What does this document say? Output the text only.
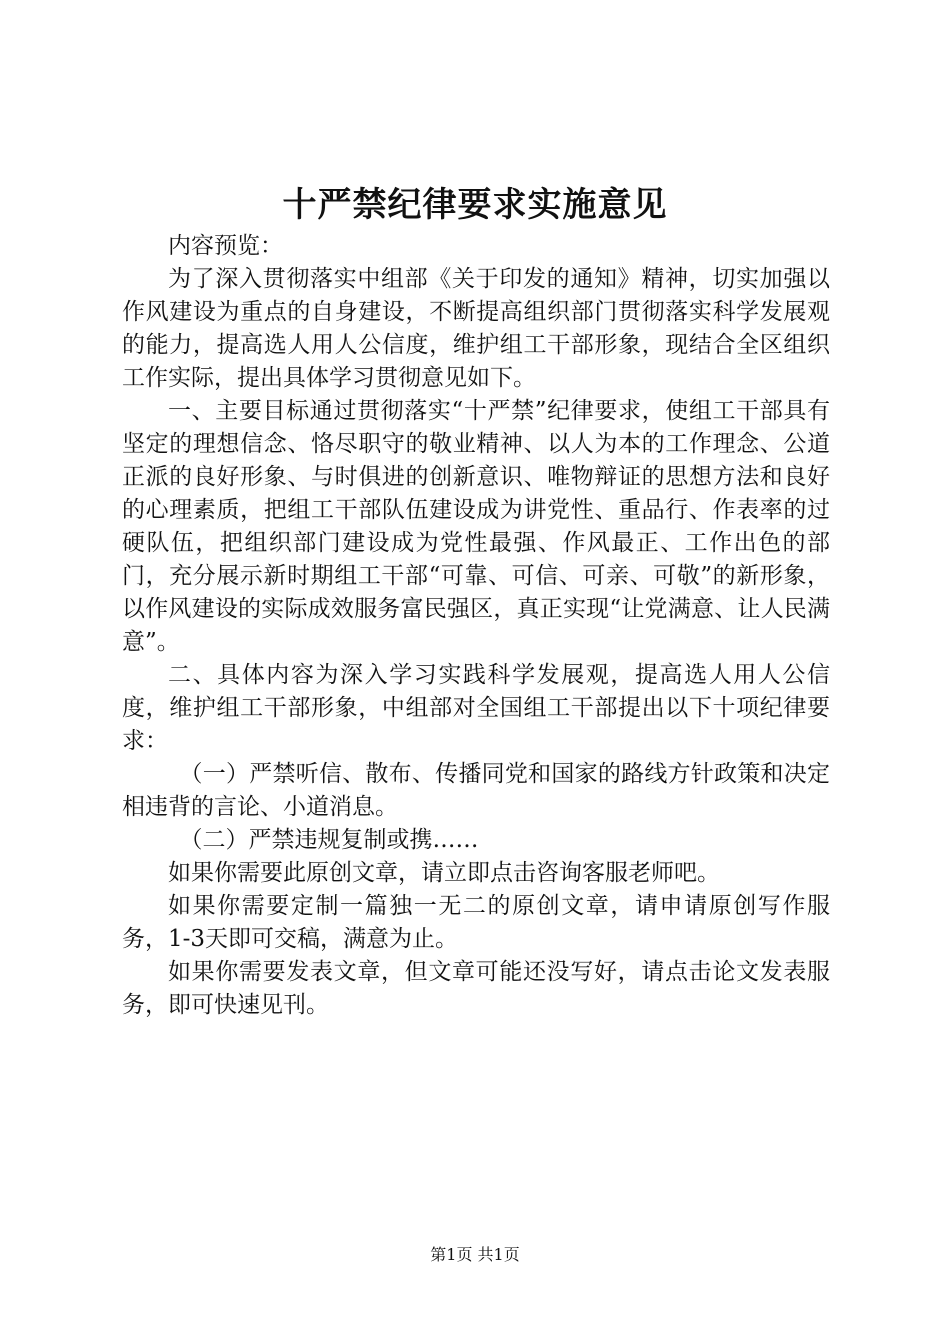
十严禁纪律要求实施意见

内容预览：

为了深入贯彻落实中组部《关于印发的通知》精神，切实加强以作风建设为重点的自身建设，不断提高组织部门贯彻落实科学发展观的能力，提高选人用人公信度，维护组工干部形象，现结合全区组织工作实际，提出具体学习贯彻意见如下。

一、主要目标通过贯彻落实“十严禁”纪律要求，使组工干部具有坚定的理想信念、恪尽职守的敬业精神、以人为本的工作理念、公道正派的良好形象、与时俱进的创新意识、唯物辩证的思想方法和良好的心理素质，把组工干部队伍建设成为讲党性、重品行、作表率的过硬队伍，把组织部门建设成为党性最强、作风最正、工作出色的部门，充分展示新时期组工干部“可靠、可信、可亲、可敬”的新形象，以作风建设的实际成效服务富民强区，真正实现“让党满意、让人民满意”。

二、具体内容为深入学习实践科学发展观，提高选人用人公信度，维护组工干部形象，中组部对全国组工干部提出以下十项纪律要求：

（一）严禁听信、散布、传播同党和国家的路线方针政策和决定相违背的言论、小道消息。

（二）严禁违规复制或携……

如果你需要此原创文章，请立即点击咨询客服老师吧。

如果你需要定制一篇独一无二的原创文章，请申请原创写作服务，1-3天即可交稿，满意为止。

如果你需要发表文章，但文章可能还没写好，请点击论文发表服务，即可快速见刊。

第1页 共1页
